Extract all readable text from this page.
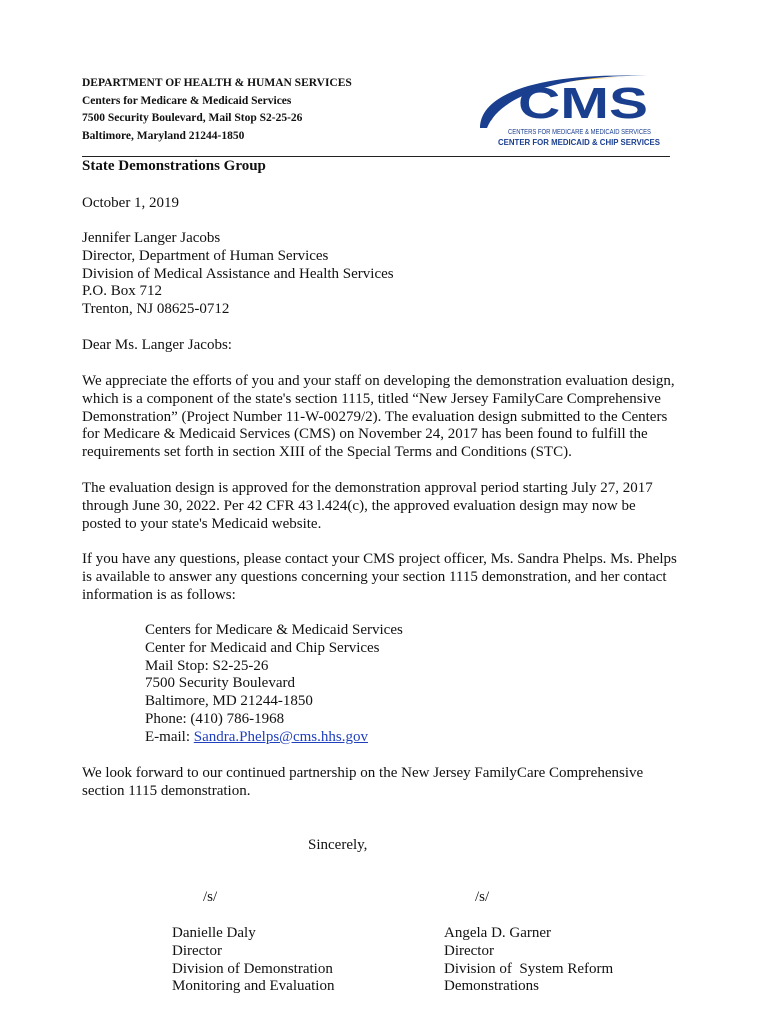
DEPARTMENT OF HEALTH & HUMAN SERVICES
Centers for Medicare & Medicaid Services
7500 Security Boulevard, Mail Stop S2-25-26
Baltimore, Maryland 21244-1850
CMS
CENTERS FOR MEDICARE & MEDICAID SERVICES
CENTER FOR MEDICAID & CHIP SERVICES
State Demonstrations Group
October 1, 2019
Jennifer Langer Jacobs
Director, Department of Human Services
Division of Medical Assistance and Health Services
P.O. Box 712
Trenton, NJ 08625-0712
Dear Ms. Langer Jacobs:
We appreciate the efforts of you and your staff on developing the demonstration evaluation design,
which is a component of the state's section 1115, titled “New Jersey FamilyCare Comprehensive
Demonstration” (Project Number 11-W-00279/2). The evaluation design submitted to the Centers
for Medicare & Medicaid Services (CMS) on November 24, 2017 has been found to fulfill the
requirements set forth in section XIII of the Special Terms and Conditions (STC).
The evaluation design is approved for the demonstration approval period starting July 27, 2017
through June 30, 2022. Per 42 CFR 43 l.424(c), the approved evaluation design may now be
posted to your state's Medicaid website.
If you have any questions, please contact your CMS project officer, Ms. Sandra Phelps. Ms. Phelps
is available to answer any questions concerning your section 1115 demonstration, and her contact
information is as follows:
Centers for Medicare & Medicaid Services
Center for Medicaid and Chip Services
Mail Stop: S2-25-26
7500 Security Boulevard
Baltimore, MD 21244-1850
Phone: (410) 786-1968
E-mail: Sandra.Phelps@cms.hhs.gov
We look forward to our continued partnership on the New Jersey FamilyCare Comprehensive
section 1115 demonstration.
Sincerely,
/s/	/s/
Danielle Daly
Director
Division of Demonstration
Monitoring and Evaluation
Angela D. Garner
Director
Division of  System Reform
Demonstrations
